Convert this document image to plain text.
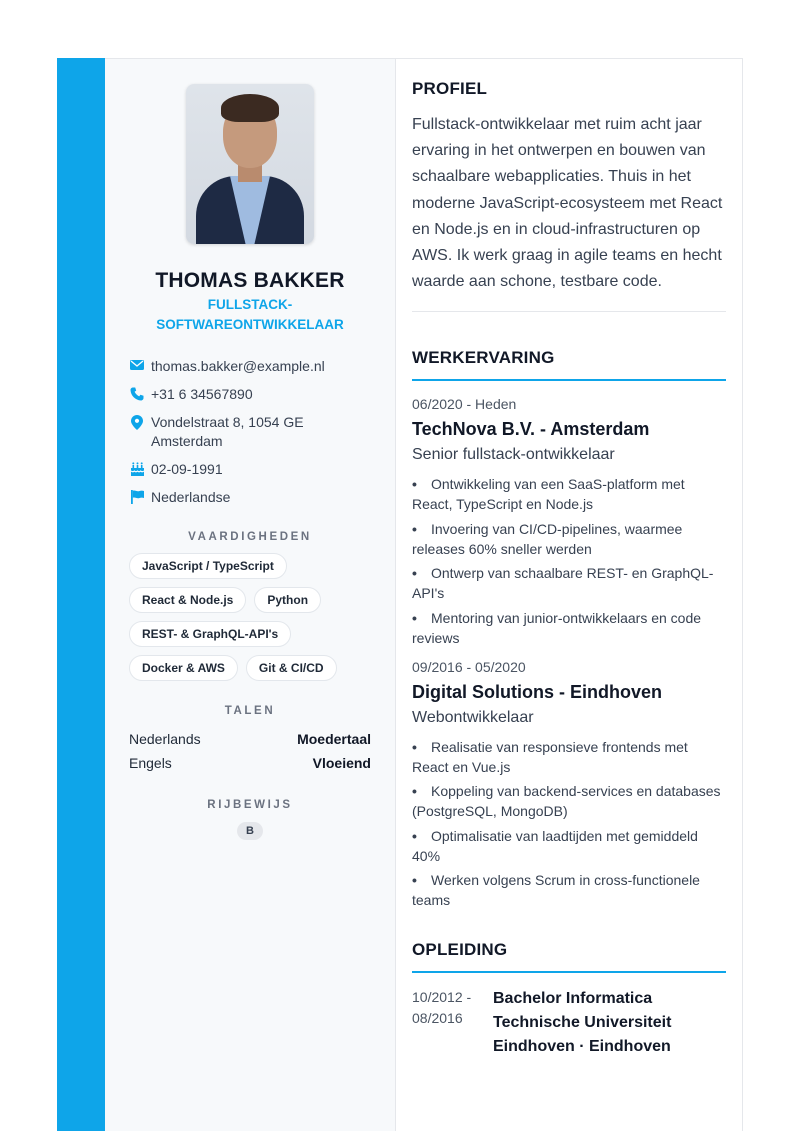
THOMAS BAKKER
FULLSTACK-SOFTWAREONTWIKKELAAR
thomas.bakker@example.nl
+31 6 34567890
Vondelstraat 8, 1054 GE Amsterdam
02-09-1991
Nederlandse
VAARDIGHEDEN
JavaScript / TypeScript
React & Node.js	Python
REST- & GraphQL-API's
Docker & AWS	Git & CI/CD
TALEN
Nederlands	Moedertaal
Engels	Vloeiend
RIJBEWIJS
B
PROFIEL
Fullstack-ontwikkelaar met ruim acht jaar ervaring in het ontwerpen en bouwen van schaalbare webapplicaties. Thuis in het moderne JavaScript-ecosysteem met React en Node.js en in cloud-infrastructuren op AWS. Ik werk graag in agile teams en hecht waarde aan schone, testbare code.
WERKERVARING
06/2020 - Heden
TechNova B.V. - Amsterdam
Senior fullstack-ontwikkelaar
• Ontwikkeling van een SaaS-platform met React, TypeScript en Node.js
• Invoering van CI/CD-pipelines, waarmee releases 60% sneller werden
• Ontwerp van schaalbare REST- en GraphQL-API's
• Mentoring van junior-ontwikkelaars en code reviews
09/2016 - 05/2020
Digital Solutions - Eindhoven
Webontwikkelaar
• Realisatie van responsieve frontends met React en Vue.js
• Koppeling van backend-services en databases (PostgreSQL, MongoDB)
• Optimalisatie van laadtijden met gemiddeld 40%
• Werken volgens Scrum in cross-functionele teams
OPLEIDING
10/2012 - 08/2016
Bachelor Informatica
Technische Universiteit Eindhoven · Eindhoven
